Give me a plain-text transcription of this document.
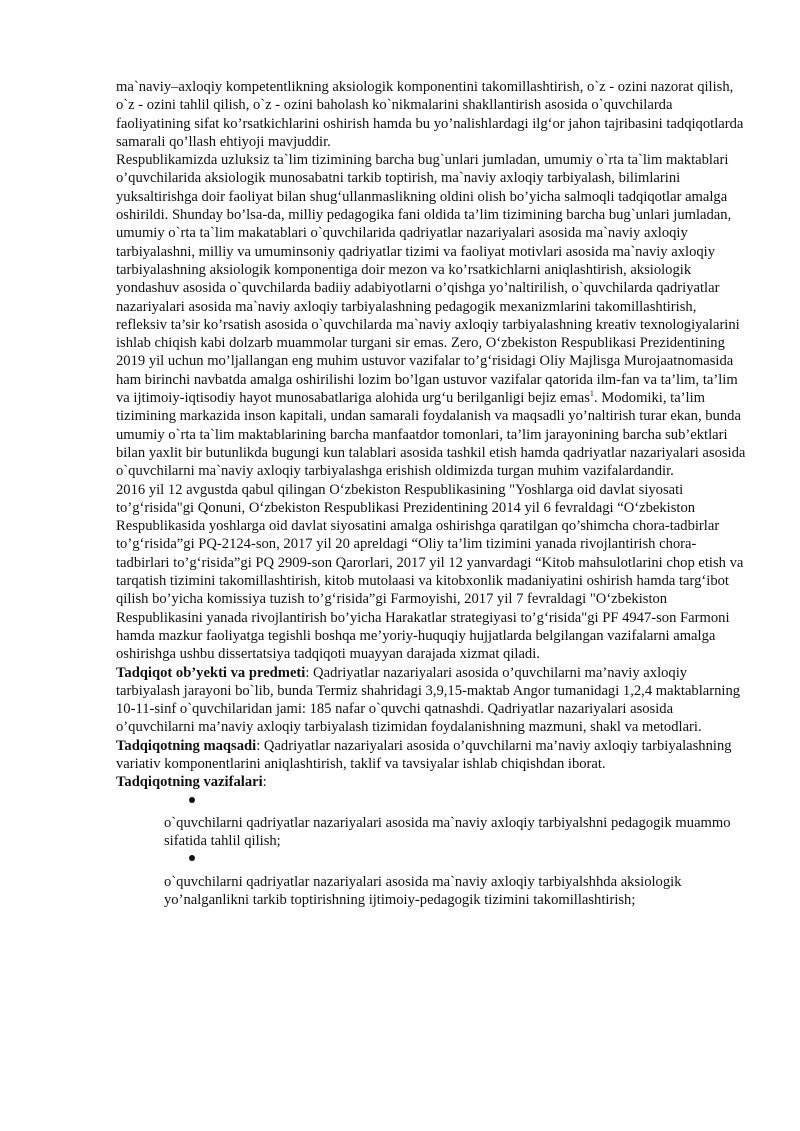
ma`naviy–axloqiy kompetentlikning aksiologik komponentini takomillashtirish, o`z - ozini nazorat qilish, o`z - ozini tahlil qilish, o`z - ozini baholash ko`nikmalarini shakllantirish asosida o`quvchilarda faoliyatining sifat ko’rsatkichlarini oshirish hamda bu yo’nalishlardagi ilg‘or jahon tajribasini tadqiqotlarda samarali qo’llash ehtiyoji mavjuddir.

Respublikamizda uzluksiz ta`lim tizimining barcha bug`unlari jumladan, umumiy o`rta ta`lim maktablari o’quvchilarida aksiologik munosabatni tarkib toptirish, ma`naviy axloqiy tarbiyalash, bilimlarini yuksaltirishga doir faoliyat bilan shug‘ullanmaslikning oldini olish bo’yicha salmoqli tadqiqotlar amalga oshirildi. Shunday bo’lsa-da, milliy pedagogika fani oldida ta’lim tizimining barcha bug`unlari jumladan, umumiy o`rta ta`lim makatablari o`quvchilarida qadriyatlar nazariyalari asosida ma`naviy axloqiy tarbiyalashni, milliy va umuminsoniy qadriyatlar tizimi va faoliyat motivlari asosida ma`naviy axloqiy tarbiyalashning aksiologik komponentiga doir mezon va ko’rsatkichlarni aniqlashtirish, aksiologik yondashuv asosida o`quvchilarda badiiy adabiyotlarni o’qishga yo’naltirilish, o`quvchilarda qadriyatlar nazariyalari asosida ma`naviy axloqiy tarbiyalashning pedagogik mexanizmlarini takomillashtirish, refleksiv ta’sir ko’rsatish asosida o`quvchilarda ma`naviy axloqiy tarbiyalashning kreativ texnologiyalarini ishlab chiqish kabi dolzarb muammolar turgani sir emas. Zero, O‘zbekiston Respublikasi Prezidentining 2019 yil uchun mo’ljallangan eng muhim ustuvor vazifalar to’g‘risidagi Oliy Majlisga Murojaatnomasida ham birinchi navbatda amalga oshirilishi lozim bo’lgan ustuvor vazifalar qatorida ilm-fan va ta’lim, ta’lim va ijtimoiy-iqtisodiy hayot munosabatlariga alohida urg‘u berilganligi bejiz emas$^1$. Modomiki, ta’lim tizimining markazida inson kapitali, undan samarali foydalanish va maqsadli yo’naltirish turar ekan, bunda umumiy o`rta ta`lim maktablarining barcha manfaatdor tomonlari, ta’lim jarayonining barcha sub’ektlari bilan yaxlit bir butunlikda bugungi kun talablari asosida tashkil etish hamda qadriyatlar nazariyalari asosida o`quvchilarni ma`naviy axloqiy tarbiyalashga erishish oldimizda turgan muhim vazifalardandir.

2016 yil 12 avgustda qabul qilingan O‘zbekiston Respublikasining "Yoshlarga oid davlat siyosati to’g‘risida"gi Qonuni, O‘zbekiston Respublikasi Prezidentining 2014 yil 6 fevraldagi “O‘zbekiston Respublikasida yoshlarga oid davlat siyosatini amalga oshirishga qaratilgan qo’shimcha chora-tadbirlar to’g‘risida”gi PQ-2124-son, 2017 yil 20 apreldagi “Oliy ta’lim tizimini yanada rivojlantirish chora-tadbirlari to’g‘risida”gi PQ 2909-son Qarorlari, 2017 yil 12 yanvardagi “Kitob mahsulotlarini chop etish va tarqatish tizimini takomillashtirish, kitob mutolaasi va kitobxonlik madaniyatini oshirish hamda targ‘ibot qilish bo’yicha komissiya tuzish to’g‘risida”gi Farmoyishi, 2017 yil 7 fevraldagi "O‘zbekiston Respublikasini yanada rivojlantirish bo’yicha Harakatlar strategiyasi to’g‘risida"gi PF 4947-son Farmoni hamda mazkur faoliyatga tegishli boshqa me’yoriy-huquqiy hujjatlarda belgilangan vazifalarni amalga oshirishga ushbu dissertatsiya tadqiqoti muayyan darajada xizmat qiladi.

Tadqiqot ob’yekti va predmeti: Qadriyatlar nazariyalari asosida o’quvchilarni ma’naviy axloqiy tarbiyalash jarayoni bo`lib, bunda Termiz shahridagi 3,9,15-maktab Angor tumanidagi 1,2,4 maktablarning 10-11-sinf o`quvchilaridan jami: 185 nafar o`quvchi qatnashdi. Qadriyatlar nazariyalari asosida o’quvchilarni ma’naviy axloqiy tarbiyalash tizimidan foydalanishning mazmuni, shakl va metodlari.

Tadqiqotning maqsadi: Qadriyatlar nazariyalari asosida o’quvchilarni ma’naviy axloqiy tarbiyalashning variativ komponentlarini aniqlashtirish, taklif va tavsiyalar ishlab chiqishdan iborat.

Tadqiqotning vazifalari:

o`quvchilarni qadriyatlar nazariyalari asosida ma`naviy axloqiy tarbiyalshni pedagogik muammo sifatida tahlil qilish;
o`quvchilarni qadriyatlar nazariyalari asosida ma`naviy axloqiy tarbiyalshhda aksiologik yo’nalganlikni tarkib toptirishning ijtimoiy-pedagogik tizimini takomillashtirish;
